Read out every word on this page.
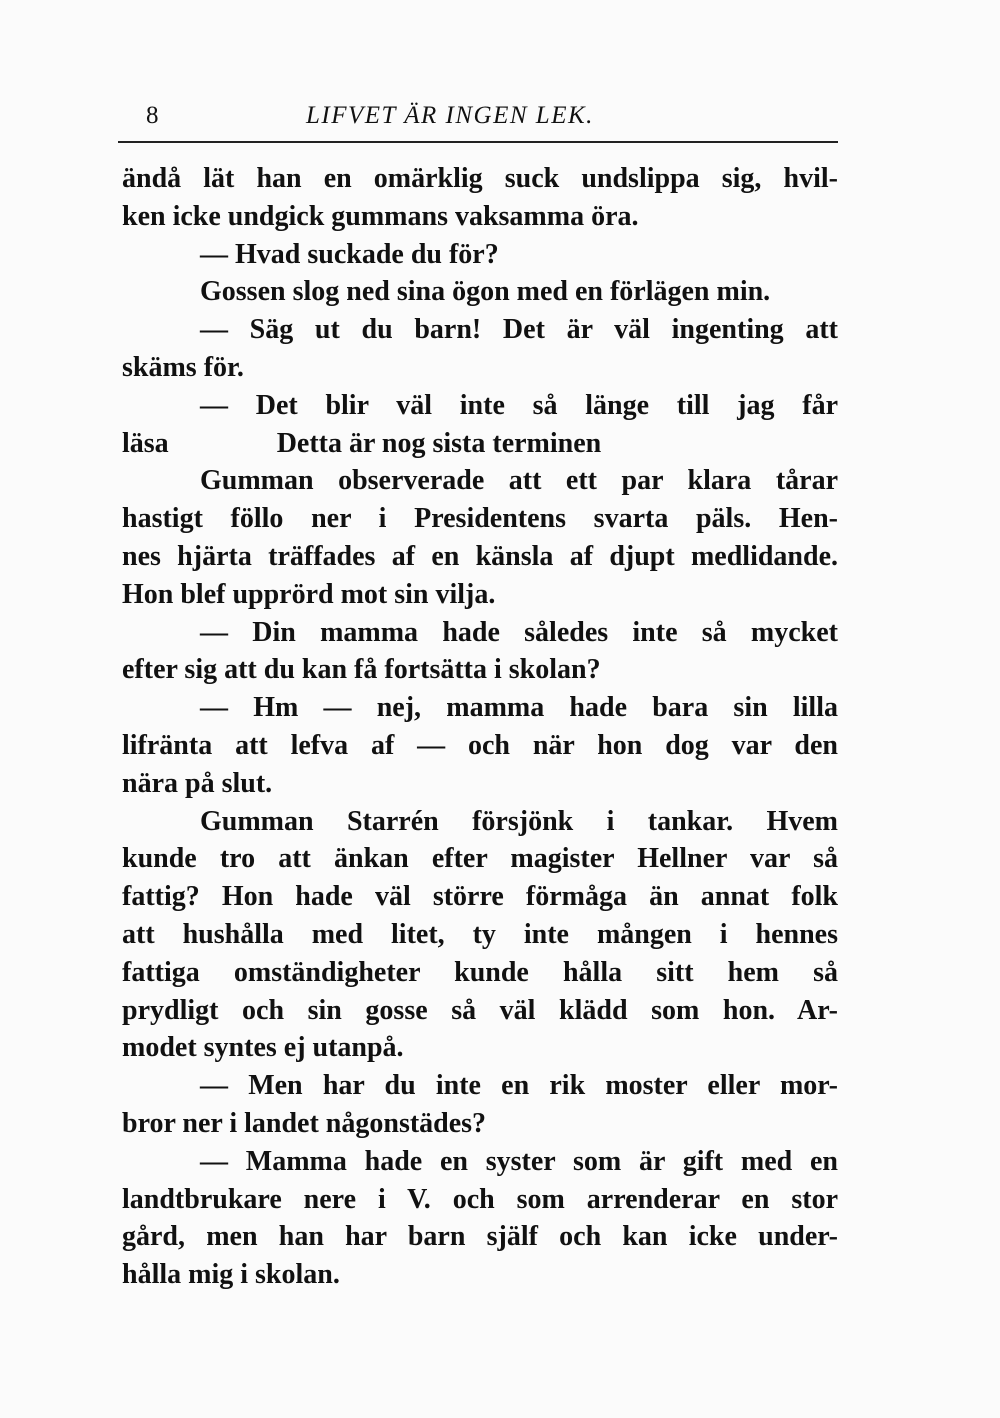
8	LIFVET ÄR INGEN LEK.
ändå lät han en omärklig suck undslippa sig, hvil-
ken icke undgick gummans vaksamma öra.
— Hvad suckade du för?
Gossen slog ned sina ögon med en förlägen min.
— Säg ut du barn! Det är väl ingenting att
skäms för.
— Det blir väl inte så länge till jag får
läsa	Detta är nog sista terminen
Gumman observerade att ett par klara tårar
hastigt föllo ner i Presidentens svarta päls. Hen-
nes hjärta träffades af en känsla af djupt medlidande.
Hon blef upprörd mot sin vilja.
— Din mamma hade således inte så mycket
efter sig att du kan få fortsätta i skolan?
— Hm — nej, mamma hade bara sin lilla
lifränta att lefva af — och när hon dog var den
nära på slut.
Gumman Starrén försjönk i tankar. Hvem
kunde tro att änkan efter magister Hellner var så
fattig? Hon hade väl större förmåga än annat folk
att hushålla med litet, ty inte mången i hennes
fattiga omständigheter kunde hålla sitt hem så
prydligt och sin gosse så väl klädd som hon. Ar-
modet syntes ej utanpå.
— Men har du inte en rik moster eller mor-
bror ner i landet någonstädes?
— Mamma hade en syster som är gift med en
landtbrukare nere i V. och som arrenderar en stor
gård, men han har barn själf och kan icke under-
hålla mig i skolan.
